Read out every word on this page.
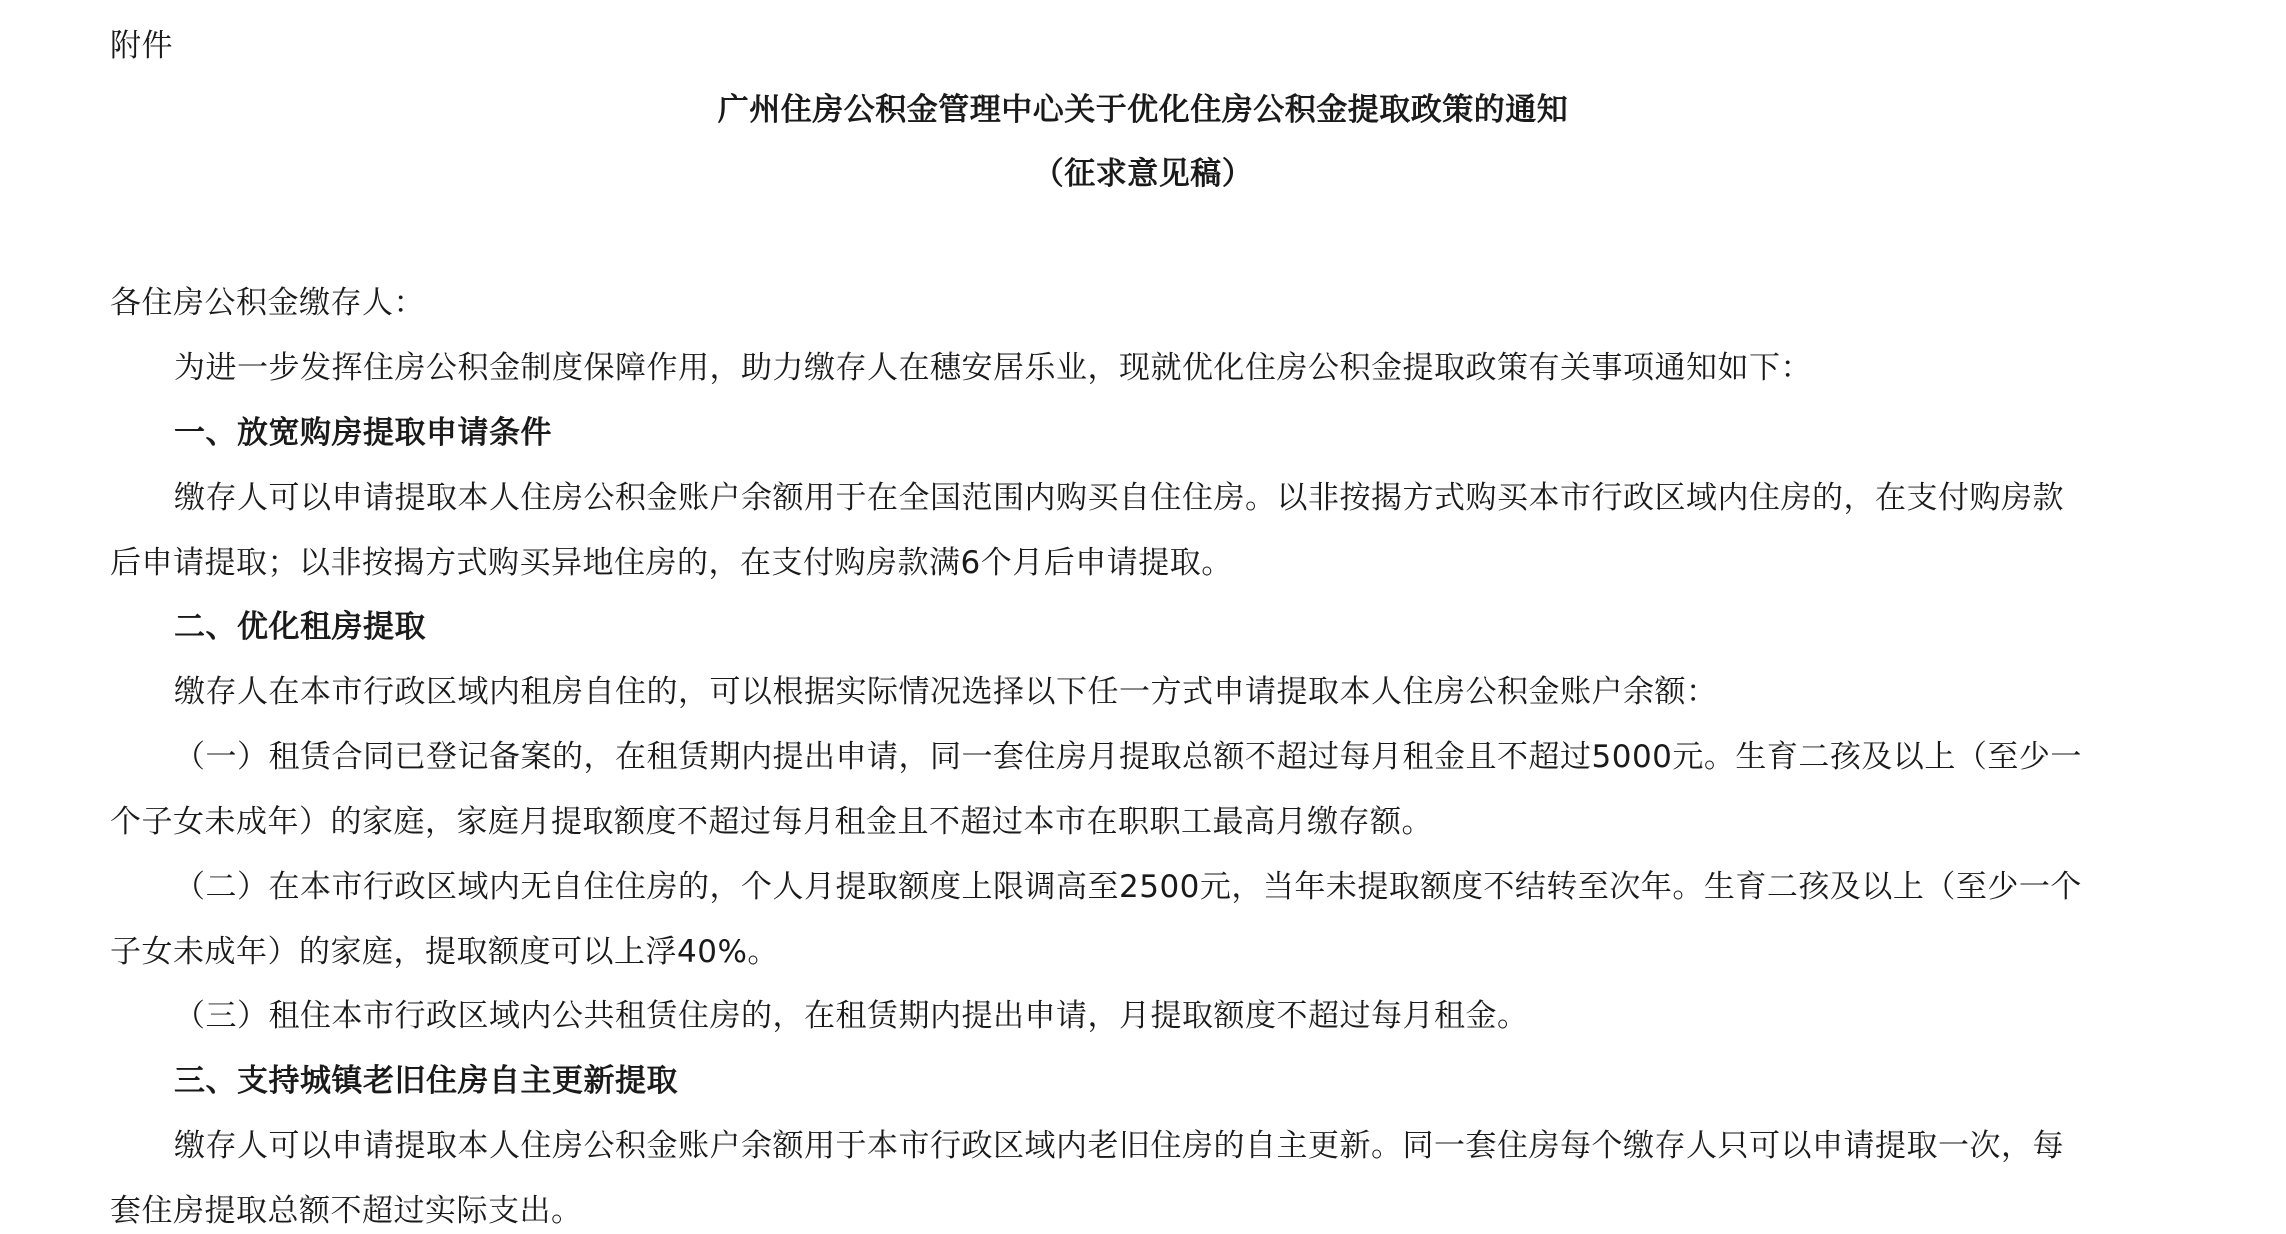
附件
广州住房公积金管理中心关于优化住房公积金提取政策的通知
（征求意见稿）
各住房公积金缴存人：
为进一步发挥住房公积金制度保障作用，助力缴存人在穗安居乐业，现就优化住房公积金提取政策有关事项通知如下：
一、放宽购房提取申请条件
缴存人可以申请提取本人住房公积金账户余额用于在全国范围内购买自住住房。以非按揭方式购买本市行政区域内住房的，在支付购房款
后申请提取；以非按揭方式购买异地住房的，在支付购房款满6个月后申请提取。
二、优化租房提取
缴存人在本市行政区域内租房自住的，可以根据实际情况选择以下任一方式申请提取本人住房公积金账户余额：
（一）租赁合同已登记备案的，在租赁期内提出申请，同一套住房月提取总额不超过每月租金且不超过5000元。生育二孩及以上（至少一
个子女未成年）的家庭，家庭月提取额度不超过每月租金且不超过本市在职职工最高月缴存额。
（二）在本市行政区域内无自住住房的，个人月提取额度上限调高至2500元，当年未提取额度不结转至次年。生育二孩及以上（至少一个
子女未成年）的家庭，提取额度可以上浮40%。
（三）租住本市行政区域内公共租赁住房的，在租赁期内提出申请，月提取额度不超过每月租金。
三、支持城镇老旧住房自主更新提取
缴存人可以申请提取本人住房公积金账户余额用于本市行政区域内老旧住房的自主更新。同一套住房每个缴存人只可以申请提取一次，每
套住房提取总额不超过实际支出。
